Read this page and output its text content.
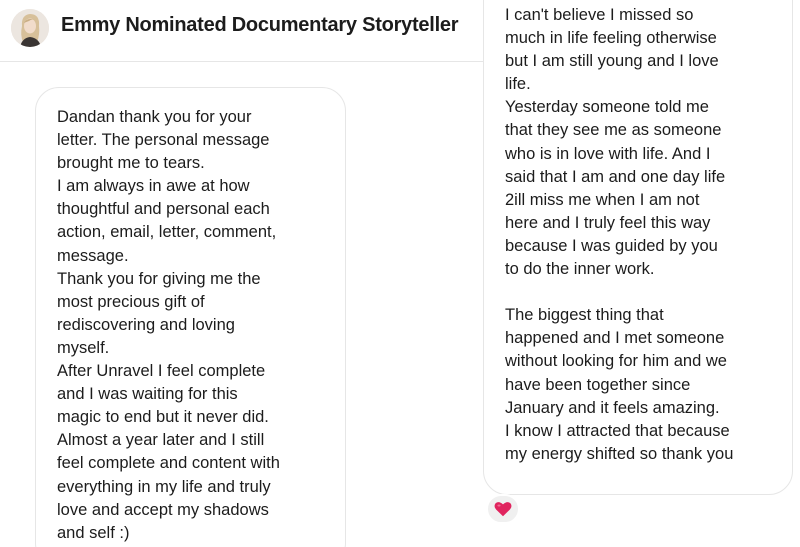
Emmy Nominated Documentary Storyteller
Dandan thank you for your
letter. The personal message
brought me to tears.
I am always in awe at how
thoughtful and personal each
action, email, letter, comment,
message.
Thank you for giving me the
most precious gift of
rediscovering and loving
myself.
After Unravel I feel complete
and I was waiting for this
magic to end but it never did.
Almost a year later and I still
feel complete and content with
everything in my life and truly
love and accept my shadows
and self :)
I can't believe I missed so
much in life feeling otherwise
but I am still young and I love
life.
Yesterday someone told me
that they see me as someone
who is in love with life. And I
said that I am and one day life
2ill miss me when I am not
here and I truly feel this way
because I was guided by you
to do the inner work.
The biggest thing that
happened and I met someone
without looking for him and we
have been together since
January and it feels amazing.
I know I attracted that because
my energy shifted so thank you
